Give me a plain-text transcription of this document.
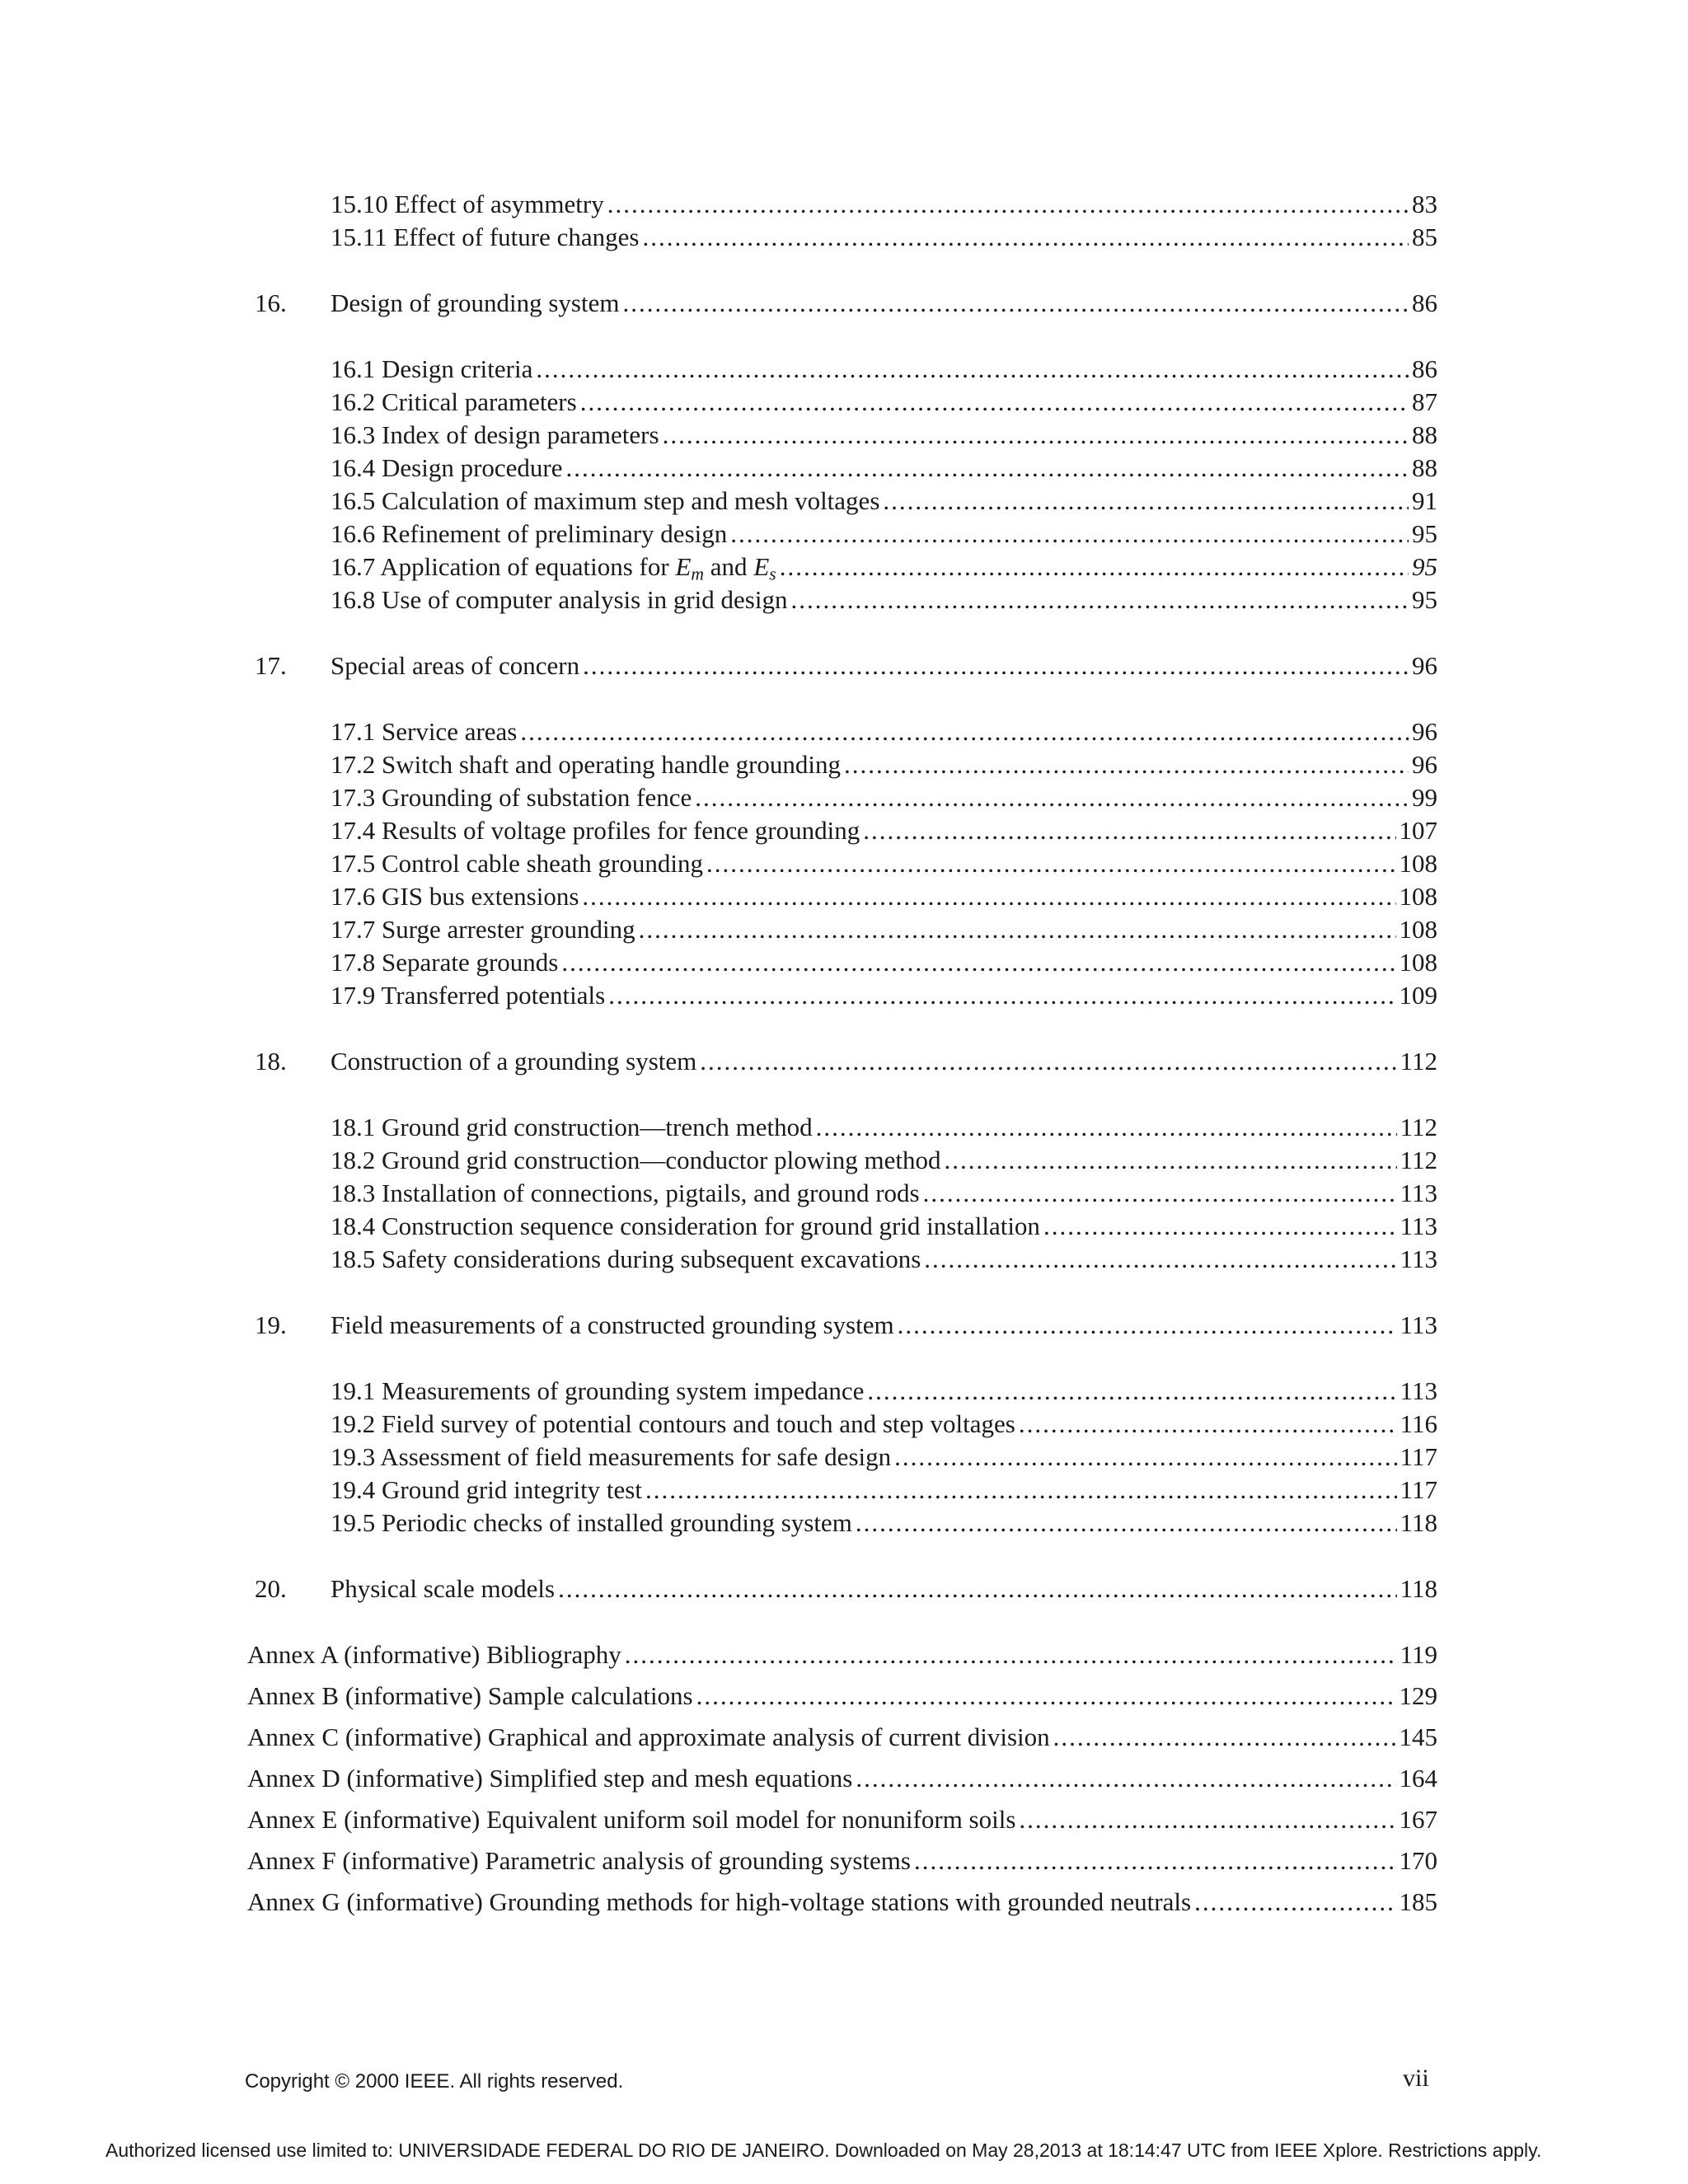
15.10 Effect of asymmetry .....	83
15.11 Effect of future changes .....	85
16.	Design of grounding system .....	86
16.1 Design criteria .....	86
16.2 Critical parameters .....	87
16.3 Index of design parameters .....	88
16.4 Design procedure .....	88
16.5 Calculation of maximum step and mesh voltages .....	91
16.6 Refinement of preliminary design .....	95
16.7 Application of equations for $E_m$ and $E_s$ .....	95
16.8 Use of computer analysis in grid design .....	95
17.	Special areas of concern .....	96
17.1 Service areas .....	96
17.2 Switch shaft and operating handle grounding .....	96
17.3 Grounding of substation fence .....	99
17.4 Results of voltage profiles for fence grounding .....	107
17.5 Control cable sheath grounding .....	108
17.6 GIS bus extensions .....	108
17.7 Surge arrester grounding .....	108
17.8 Separate grounds .....	108
17.9 Transferred potentials .....	109
18.	Construction of a grounding system .....	112
18.1 Ground grid construction—trench method .....	112
18.2 Ground grid construction—conductor plowing method .....	112
18.3 Installation of connections, pigtails, and ground rods .....	113
18.4 Construction sequence consideration for ground grid installation .....	113
18.5 Safety considerations during subsequent excavations .....	113
19.	Field measurements of a constructed grounding system .....	113
19.1 Measurements of grounding system impedance .....	113
19.2 Field survey of potential contours and touch and step voltages .....	116
19.3 Assessment of field measurements for safe design .....	117
19.4 Ground grid integrity test .....	117
19.5 Periodic checks of installed grounding system .....	118
20.	Physical scale models .....	118
Annex A (informative) Bibliography .....	119
Annex B (informative) Sample calculations .....	129
Annex C (informative) Graphical and approximate analysis of current division .....	145
Annex D (informative) Simplified step and mesh equations .....	164
Annex E (informative) Equivalent uniform soil model for nonuniform soils .....	167
Annex F (informative) Parametric analysis of grounding systems .....	170
Annex G (informative) Grounding methods for high-voltage stations with grounded neutrals .....	185
Copyright © 2000 IEEE. All rights reserved.	vii
Authorized licensed use limited to: UNIVERSIDADE FEDERAL DO RIO DE JANEIRO. Downloaded on May 28,2013 at 18:14:47 UTC from IEEE Xplore. Restrictions apply.
